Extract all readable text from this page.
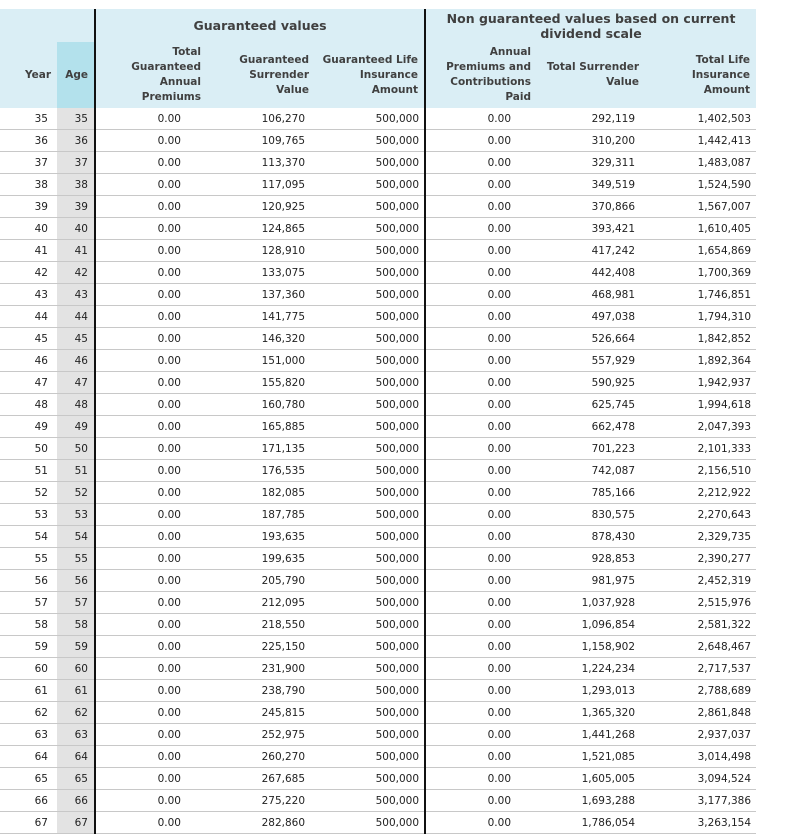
		Guaranteed values			Non guaranteed values based on current dividend scale		
Year	Age	Total Guaranteed Annual Premiums	Guaranteed Surrender Value	Guaranteed Life Insurance Amount	Annual Premiums and Contributions Paid	Total Surrender Value	Total Life Insurance Amount
35	35	0.00	106,270	500,000	0.00	292,119	1,402,503
36	36	0.00	109,765	500,000	0.00	310,200	1,442,413
37	37	0.00	113,370	500,000	0.00	329,311	1,483,087
38	38	0.00	117,095	500,000	0.00	349,519	1,524,590
39	39	0.00	120,925	500,000	0.00	370,866	1,567,007
40	40	0.00	124,865	500,000	0.00	393,421	1,610,405
41	41	0.00	128,910	500,000	0.00	417,242	1,654,869
42	42	0.00	133,075	500,000	0.00	442,408	1,700,369
43	43	0.00	137,360	500,000	0.00	468,981	1,746,851
44	44	0.00	141,775	500,000	0.00	497,038	1,794,310
45	45	0.00	146,320	500,000	0.00	526,664	1,842,852
46	46	0.00	151,000	500,000	0.00	557,929	1,892,364
47	47	0.00	155,820	500,000	0.00	590,925	1,942,937
48	48	0.00	160,780	500,000	0.00	625,745	1,994,618
49	49	0.00	165,885	500,000	0.00	662,478	2,047,393
50	50	0.00	171,135	500,000	0.00	701,223	2,101,333
51	51	0.00	176,535	500,000	0.00	742,087	2,156,510
52	52	0.00	182,085	500,000	0.00	785,166	2,212,922
53	53	0.00	187,785	500,000	0.00	830,575	2,270,643
54	54	0.00	193,635	500,000	0.00	878,430	2,329,735
55	55	0.00	199,635	500,000	0.00	928,853	2,390,277
56	56	0.00	205,790	500,000	0.00	981,975	2,452,319
57	57	0.00	212,095	500,000	0.00	1,037,928	2,515,976
58	58	0.00	218,550	500,000	0.00	1,096,854	2,581,322
59	59	0.00	225,150	500,000	0.00	1,158,902	2,648,467
60	60	0.00	231,900	500,000	0.00	1,224,234	2,717,537
61	61	0.00	238,790	500,000	0.00	1,293,013	2,788,689
62	62	0.00	245,815	500,000	0.00	1,365,320	2,861,848
63	63	0.00	252,975	500,000	0.00	1,441,268	2,937,037
64	64	0.00	260,270	500,000	0.00	1,521,085	3,014,498
65	65	0.00	267,685	500,000	0.00	1,605,005	3,094,524
66	66	0.00	275,220	500,000	0.00	1,693,288	3,177,386
67	67	0.00	282,860	500,000	0.00	1,786,054	3,263,154
